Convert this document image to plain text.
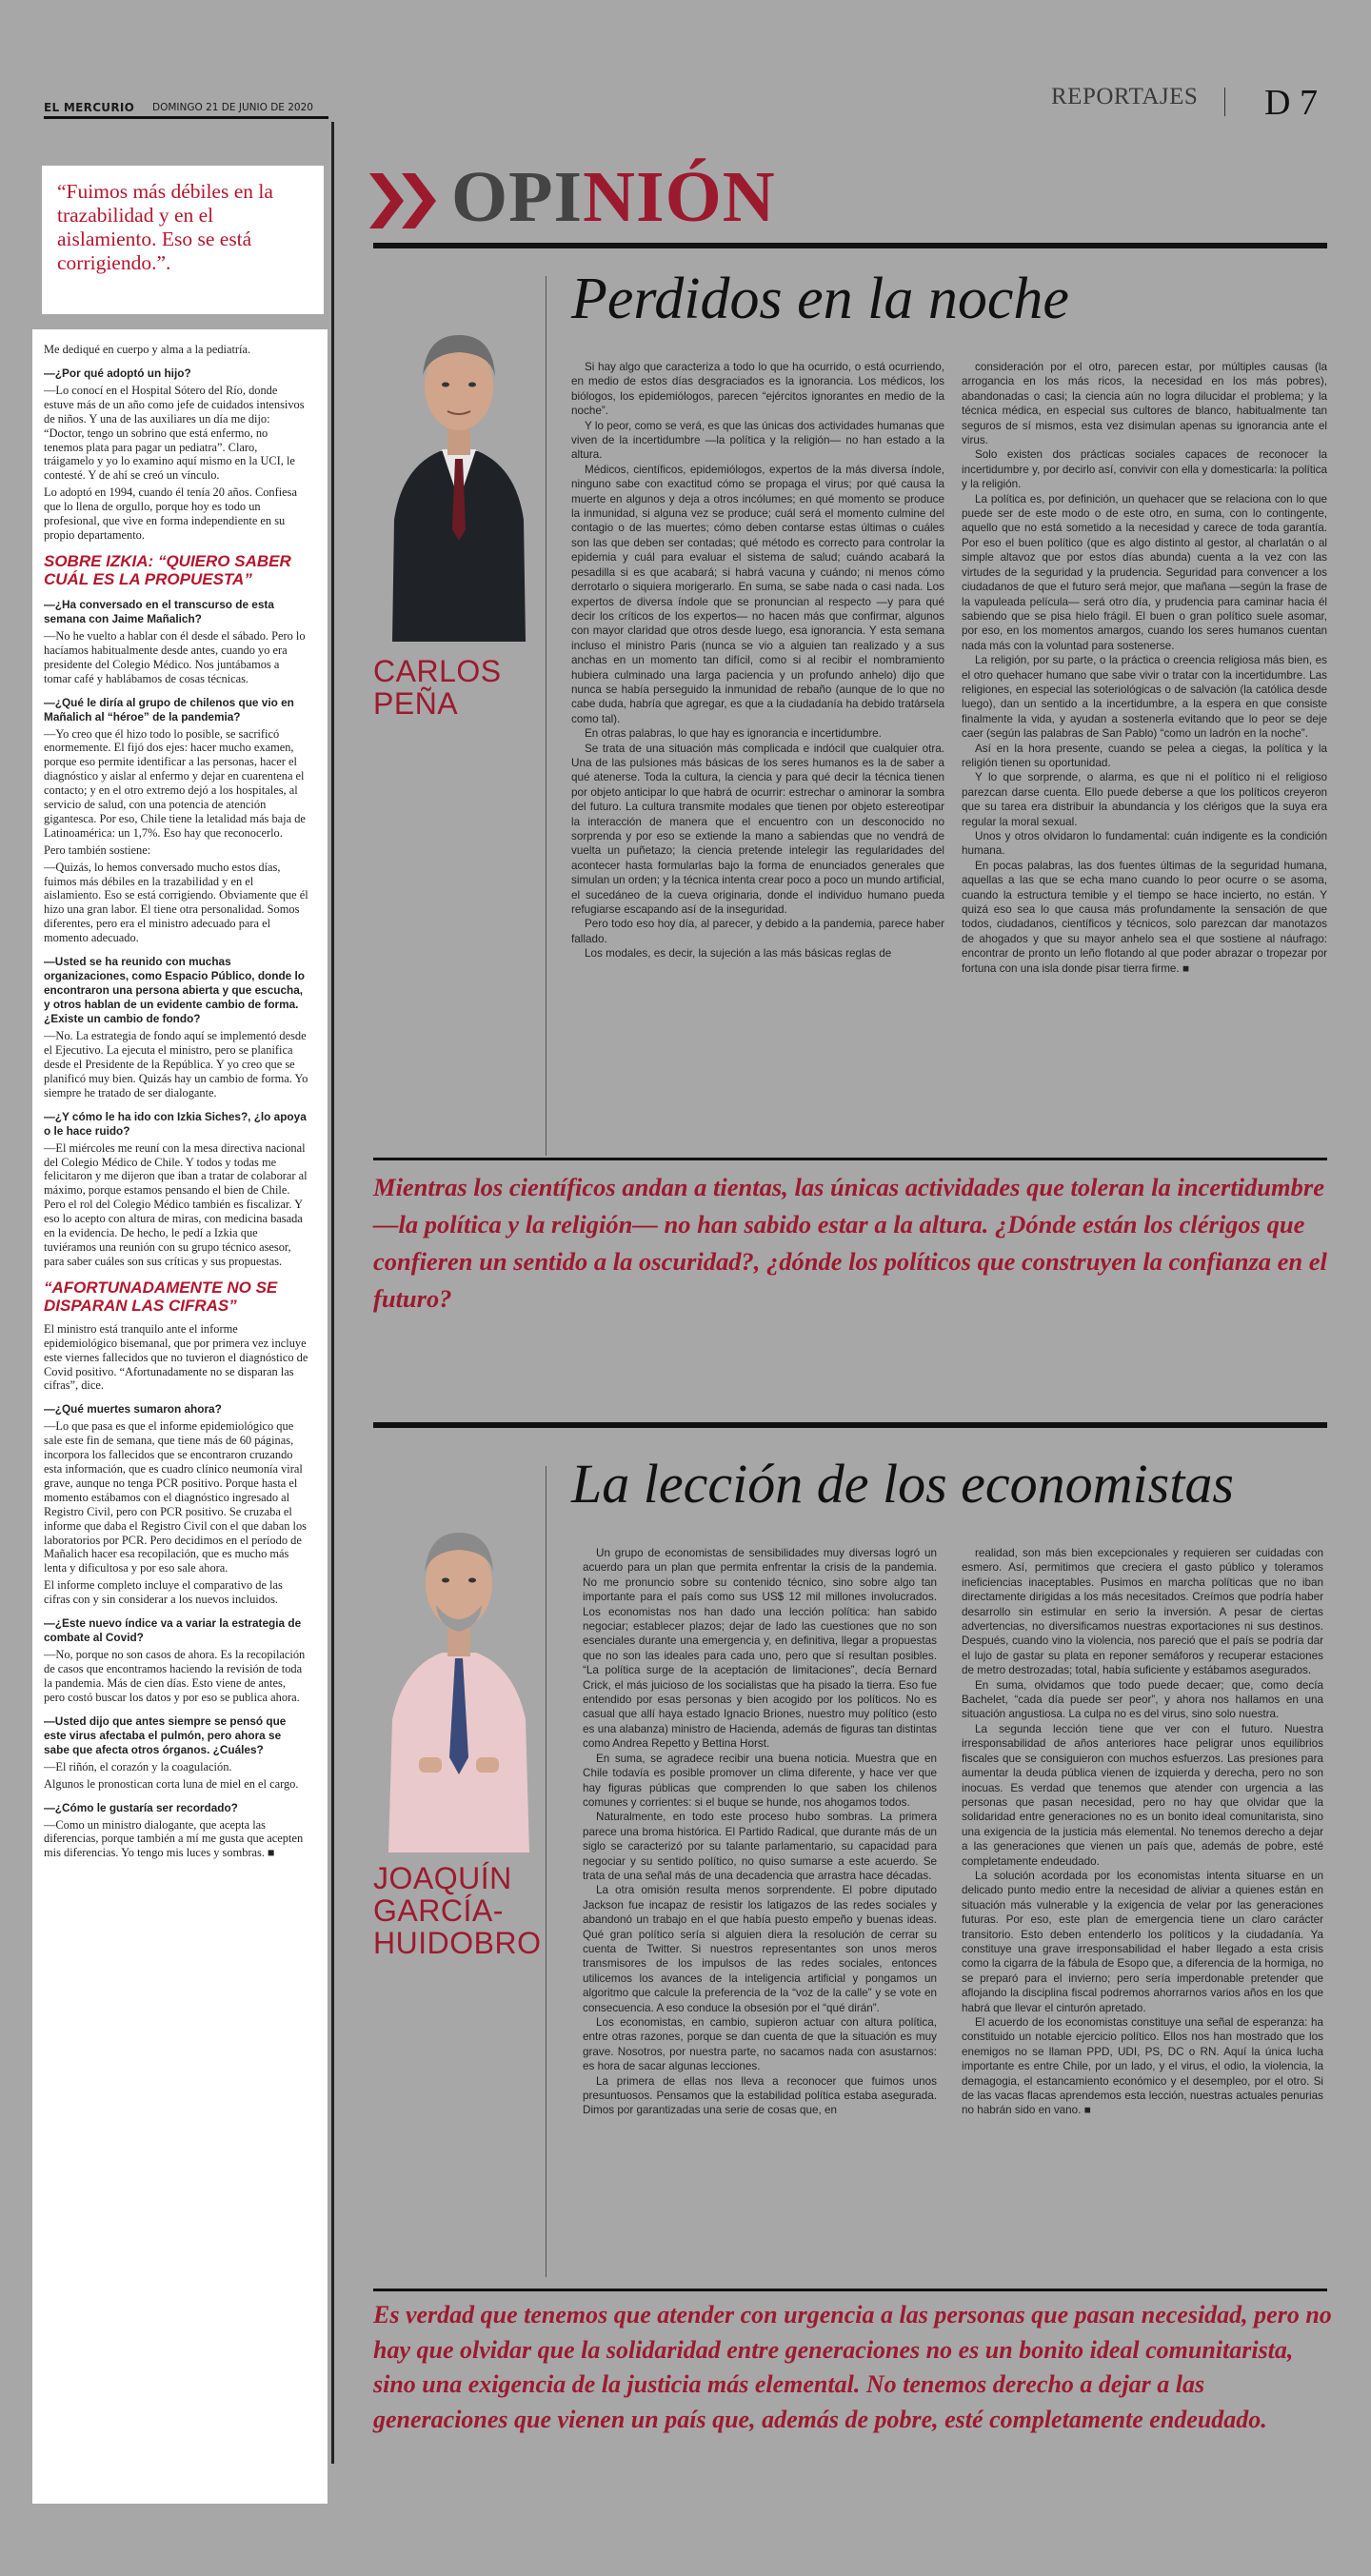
EL MERCURIO DOMINGO 21 DE JUNIO DE 2020	REPORTAJES D 7
“Fuimos más débiles en la trazabilidad y en el aislamiento. Eso se está corrigiendo.”.

Me dediqué en cuerpo y alma a la pediatría.

—¿Por qué adoptó un hijo?

—Lo conocí en el Hospital Sótero del Río, donde estuve más de un año como jefe de cuidados intensivos de niños. Y una de las auxiliares un día me dijo: “Doctor, tengo un sobrino que está enfermo, no tenemos plata para pagar un pediatra”. Claro, tráigamelo y yo lo examino aquí mismo en la UCI, le contesté. Y de ahí se creó un vínculo.

Lo adoptó en 1994, cuando él tenía 20 años. Confiesa que lo llena de orgullo, porque hoy es todo un profesional, que vive en forma independiente en su propio departamento.

SOBRE IZKIA: “QUIERO SABER CUÁL ES LA PROPUESTA”

—¿Ha conversado en el transcurso de esta semana con Jaime Mañalich?

—No he vuelto a hablar con él desde el sábado. Pero lo hacíamos habitualmente desde antes, cuando yo era presidente del Colegio Médico. Nos juntábamos a tomar café y hablábamos de cosas técnicas.

—¿Qué le diría al grupo de chilenos que vio en Mañalich al “héroe” de la pandemia?

—Yo creo que él hizo todo lo posible, se sacrificó enormemente. El fijó dos ejes: hacer mucho examen, porque eso permite identificar a las personas, hacer el diagnóstico y aislar al enfermo y dejar en cuarentena el contacto; y en el otro extremo dejó a los hospitales, al servicio de salud, con una potencia de atención gigantesca. Por eso, Chile tiene la letalidad más baja de Latinoamérica: un 1,7%. Eso hay que reconocerlo.

Pero también sostiene:

—Quizás, lo hemos conversado mucho estos días, fuimos más débiles en la trazabilidad y en el aislamiento. Eso se está corrigiendo. Obviamente que él hizo una gran labor. El tiene otra personalidad. Somos diferentes, pero era el ministro adecuado para el momento adecuado.

—Usted se ha reunido con muchas organizaciones, como Espacio Público, donde lo encontraron una persona abierta y que escucha, y otros hablan de un evidente cambio de forma. ¿Existe un cambio de fondo?

—No. La estrategia de fondo aquí se implementó desde el Ejecutivo. La ejecuta el ministro, pero se planifica desde el Presidente de la República. Y yo creo que se planificó muy bien. Quizás hay un cambio de forma. Yo siempre he tratado de ser dialogante.

—¿Y cómo le ha ido con Izkia Siches?, ¿lo apoya o le hace ruido?

—El miércoles me reuní con la mesa directiva nacional del Colegio Médico de Chile. Y todos y todas me felicitaron y me dijeron que iban a tratar de colaborar al máximo, porque estamos pensando el bien de Chile. Pero el rol del Colegio Médico también es fiscalizar. Y eso lo acepto con altura de miras, con medicina basada en la evidencia. De hecho, le pedí a Izkia que tuviéramos una reunión con su grupo técnico asesor, para saber cuáles son sus críticas y sus propuestas.

“AFORTUNADAMENTE NO SE DISPARAN LAS CIFRAS”

El ministro está tranquilo ante el informe epidemiológico bisemanal, que por primera vez incluye este viernes fallecidos que no tuvieron el diagnóstico de Covid positivo. “Afortunadamente no se disparan las cifras”, dice.

—¿Qué muertes sumaron ahora?

—Lo que pasa es que el informe epidemiológico que sale este fin de semana, que tiene más de 60 páginas, incorpora los fallecidos que se encontraron cruzando esta información, que es cuadro clínico neumonía viral grave, aunque no tenga PCR positivo. Porque hasta el momento estábamos con el diagnóstico ingresado al Registro Civil, pero con PCR positivo. Se cruzaba el informe que daba el Registro Civil con el que daban los laboratorios por PCR. Pero decidimos en el período de Mañalich hacer esa recopilación, que es mucho más lenta y dificultosa y por eso sale ahora.

El informe completo incluye el comparativo de las cifras con y sin considerar a los nuevos incluidos.

—¿Este nuevo índice va a variar la estrategia de combate al Covid?

—No, porque no son casos de ahora. Es la recopilación de casos que encontramos haciendo la revisión de toda la pandemia. Más de cien días. Esto viene de antes, pero costó buscar los datos y por eso se publica ahora.

—Usted dijo que antes siempre se pensó que este virus afectaba el pulmón, pero ahora se sabe que afecta otros órganos. ¿Cuáles?

—El riñón, el corazón y la coagulación.

Algunos le pronostican corta luna de miel en el cargo.

—¿Cómo le gustaría ser recordado?

—Como un ministro dialogante, que acepta las diferencias, porque también a mí me gusta que acepten mis diferencias. Yo tengo mis luces y sombras. ■

OPINIÓN
CARLOS PEÑA
Perdidos en la noche

Si hay algo que caracteriza a todo lo que ha ocurrido, o está ocurriendo, en medio de estos días desgraciados es la ignorancia. Los médicos, los biólogos, los epidemiólogos, parecen “ejércitos ignorantes en medio de la noche”.

Y lo peor, como se verá, es que las únicas dos actividades humanas que viven de la incertidumbre —la política y la religión— no han estado a la altura.

Médicos, científicos, epidemiólogos, expertos de la más diversa índole, ninguno sabe con exactitud cómo se propaga el virus; por qué causa la muerte en algunos y deja a otros incólumes; en qué momento se produce la inmunidad, si alguna vez se produce; cuál será el momento culmine del contagio o de las muertes; cómo deben contarse estas últimas o cuáles son las que deben ser contadas; qué método es correcto para controlar la epidemia y cuál para evaluar el sistema de salud; cuándo acabará la pesadilla si es que acabará; si habrá vacuna y cuándo; ni menos cómo derrotarlo o siquiera morigerarlo. En suma, se sabe nada o casi nada. Los expertos de diversa índole que se pronuncian al respecto —y para qué decir los críticos de los expertos— no hacen más que confirmar, algunos con mayor claridad que otros desde luego, esa ignorancia. Y esta semana incluso el ministro Paris (nunca se vio a alguien tan realizado y a sus anchas en un momento tan difícil, como si al recibir el nombramiento hubiera culminado una larga paciencia y un profundo anhelo) dijo que nunca se había perseguido la inmunidad de rebaño (aunque de lo que no cabe duda, habría que agregar, es que a la ciudadanía ha debido tratársela como tal).

En otras palabras, lo que hay es ignorancia e incertidumbre.

Se trata de una situación más complicada e indócil que cualquier otra. Una de las pulsiones más básicas de los seres humanos es la de saber a qué atenerse. Toda la cultura, la ciencia y para qué decir la técnica tienen por objeto anticipar lo que habrá de ocurrir: estrechar o aminorar la sombra del futuro. La cultura transmite modales que tienen por objeto estereotipar la interacción de manera que el encuentro con un desconocido no sorprenda y por eso se extiende la mano a sabiendas que no vendrá de vuelta un puñetazo; la ciencia pretende intelegir las regularidades del acontecer hasta formularlas bajo la forma de enunciados generales que simulan un orden; y la técnica intenta crear poco a poco un mundo artificial, el sucedáneo de la cueva originaria, donde el individuo humano pueda refugiarse escapando así de la inseguridad.

Pero todo eso hoy día, al parecer, y debido a la pandemia, parece haber fallado.

Los modales, es decir, la sujeción a las más básicas reglas de

consideración por el otro, parecen estar, por múltiples causas (la arrogancia en los más ricos, la necesidad en los más pobres), abandonadas o casi; la ciencia aún no logra dilucidar el problema; y la técnica médica, en especial sus cultores de blanco, habitualmente tan seguros de sí mismos, esta vez disimulan apenas su ignorancia ante el virus.

Solo existen dos prácticas sociales capaces de reconocer la incertidumbre y, por decirlo así, convivir con ella y domesticarla: la política y la religión.

La política es, por definición, un quehacer que se relaciona con lo que puede ser de este modo o de este otro, en suma, con lo contingente, aquello que no está sometido a la necesidad y carece de toda garantía. Por eso el buen político (que es algo distinto al gestor, al charlatán o al simple altavoz que por estos días abunda) cuenta a la vez con las virtudes de la seguridad y la prudencia. Seguridad para convencer a los ciudadanos de que el futuro será mejor, que mañana —según la frase de la vapuleada película— será otro día, y prudencia para caminar hacia él sabiendo que se pisa hielo frágil. El buen o gran político suele asomar, por eso, en los momentos amargos, cuando los seres humanos cuentan nada más con la voluntad para sostenerse.

La religión, por su parte, o la práctica o creencia religiosa más bien, es el otro quehacer humano que sabe vivir o tratar con la incertidumbre. Las religiones, en especial las soteriológicas o de salvación (la católica desde luego), dan un sentido a la incertidumbre, a la espera en que consiste finalmente la vida, y ayudan a sostenerla evitando que lo peor se deje caer (según las palabras de San Pablo) “como un ladrón en la noche”.

Así en la hora presente, cuando se pelea a ciegas, la política y la religión tienen su oportunidad.

Y lo que sorprende, o alarma, es que ni el político ni el religioso parezcan darse cuenta. Ello puede deberse a que los políticos creyeron que su tarea era distribuir la abundancia y los clérigos que la suya era regular la moral sexual.

Unos y otros olvidaron lo fundamental: cuán indigente es la condición humana.

En pocas palabras, las dos fuentes últimas de la seguridad humana, aquellas a las que se echa mano cuando lo peor ocurre o se asoma, cuando la estructura temible y el tiempo se hace incierto, no están. Y quizá eso sea lo que causa más profundamente la sensación de que todos, ciudadanos, científicos y técnicos, solo parezcan dar manotazos de ahogados y que su mayor anhelo sea el que sostiene al náufrago: encontrar de pronto un leño flotando al que poder abrazar o tropezar por fortuna con una isla donde pisar tierra firme. ■

Mientras los científicos andan a tientas, las únicas actividades que toleran la incertidumbre —la política y la religión— no han sabido estar a la altura. ¿Dónde están los clérigos que confieren un sentido a la oscuridad?, ¿dónde los políticos que construyen la confianza en el futuro?
JOAQUÍN GARCÍA-HUIDOBRO
La lección de los economistas

Un grupo de economistas de sensibilidades muy diversas logró un acuerdo para un plan que permita enfrentar la crisis de la pandemia. No me pronuncio sobre su contenido técnico, sino sobre algo tan importante para el país como sus US$ 12 mil millones involucrados. Los economistas nos han dado una lección política: han sabido negociar; establecer plazos; dejar de lado las cuestiones que no son esenciales durante una emergencia y, en definitiva, llegar a propuestas que no son las ideales para cada uno, pero que sí resultan posibles. “La política surge de la aceptación de limitaciones”, decía Bernard Crick, el más juicioso de los socialistas que ha pisado la tierra. Eso fue entendido por esas personas y bien acogido por los políticos. No es casual que allí haya estado Ignacio Briones, nuestro muy político (esto es una alabanza) ministro de Hacienda, además de figuras tan distintas como Andrea Repetto y Bettina Horst.

En suma, se agradece recibir una buena noticia. Muestra que en Chile todavía es posible promover un clima diferente, y hace ver que hay figuras públicas que comprenden lo que saben los chilenos comunes y corrientes: si el buque se hunde, nos ahogamos todos.

Naturalmente, en todo este proceso hubo sombras. La primera parece una broma histórica. El Partido Radical, que durante más de un siglo se caracterizó por su talante parlamentario, su capacidad para negociar y su sentido político, no quiso sumarse a este acuerdo. Se trata de una señal más de una decadencia que arrastra hace décadas.

La otra omisión resulta menos sorprendente. El pobre diputado Jackson fue incapaz de resistir los latigazos de las redes sociales y abandonó un trabajo en el que había puesto empeño y buenas ideas. Qué gran político sería si alguien diera la resolución de cerrar su cuenta de Twitter. Si nuestros representantes son unos meros transmisores de los impulsos de las redes sociales, entonces utilicemos los avances de la inteligencia artificial y pongamos un algoritmo que calcule la preferencia de la “voz de la calle” y se vote en consecuencia. A eso conduce la obsesión por el “qué dirán”.

Los economistas, en cambio, supieron actuar con altura política, entre otras razones, porque se dan cuenta de que la situación es muy grave. Nosotros, por nuestra parte, no sacamos nada con asustarnos: es hora de sacar algunas lecciones.

La primera de ellas nos lleva a reconocer que fuimos unos presuntuosos. Pensamos que la estabilidad política estaba asegurada. Dimos por garantizadas una serie de cosas que, en

realidad, son más bien excepcionales y requieren ser cuidadas con esmero. Así, permitimos que creciera el gasto público y toleramos ineficiencias inaceptables. Pusimos en marcha políticas que no iban directamente dirigidas a los más necesitados. Creímos que podría haber desarrollo sin estimular en serio la inversión. A pesar de ciertas advertencias, no diversificamos nuestras exportaciones ni sus destinos. Después, cuando vino la violencia, nos pareció que el país se podría dar el lujo de gastar su plata en reponer semáforos y recuperar estaciones de metro destrozadas; total, había suficiente y estábamos asegurados.

En suma, olvidamos que todo puede decaer; que, como decía Bachelet, “cada día puede ser peor”, y ahora nos hallamos en una situación angustiosa. La culpa no es del virus, sino solo nuestra.

La segunda lección tiene que ver con el futuro. Nuestra irresponsabilidad de años anteriores hace peligrar unos equilibrios fiscales que se consiguieron con muchos esfuerzos. Las presiones para aumentar la deuda pública vienen de izquierda y derecha, pero no son inocuas. Es verdad que tenemos que atender con urgencia a las personas que pasan necesidad, pero no hay que olvidar que la solidaridad entre generaciones no es un bonito ideal comunitarista, sino una exigencia de la justicia más elemental. No tenemos derecho a dejar a las generaciones que vienen un país que, además de pobre, esté completamente endeudado.

La solución acordada por los economistas intenta situarse en un delicado punto medio entre la necesidad de aliviar a quienes están en situación más vulnerable y la exigencia de velar por las generaciones futuras. Por eso, este plan de emergencia tiene un claro carácter transitorio. Esto deben entenderlo los políticos y la ciudadanía. Ya constituye una grave irresponsabilidad el haber llegado a esta crisis como la cigarra de la fábula de Esopo que, a diferencia de la hormiga, no se preparó para el invierno; pero sería imperdonable pretender que aflojando la disciplina fiscal podremos ahorrarnos varios años en los que habrá que llevar el cinturón apretado.

El acuerdo de los economistas constituye una señal de esperanza: ha constituido un notable ejercicio político. Ellos nos han mostrado que los enemigos no se llaman PPD, UDI, PS, DC o RN. Aquí la única lucha importante es entre Chile, por un lado, y el virus, el odio, la violencia, la demagogia, el estancamiento económico y el desempleo, por el otro. Si de las vacas flacas aprendemos esta lección, nuestras actuales penurias no habrán sido en vano. ■

Es verdad que tenemos que atender con urgencia a las personas que pasan necesidad, pero no hay que olvidar que la solidaridad entre generaciones no es un bonito ideal comunitarista, sino una exigencia de la justicia más elemental. No tenemos derecho a dejar a las generaciones que vienen un país que, además de pobre, esté completamente endeudado.
